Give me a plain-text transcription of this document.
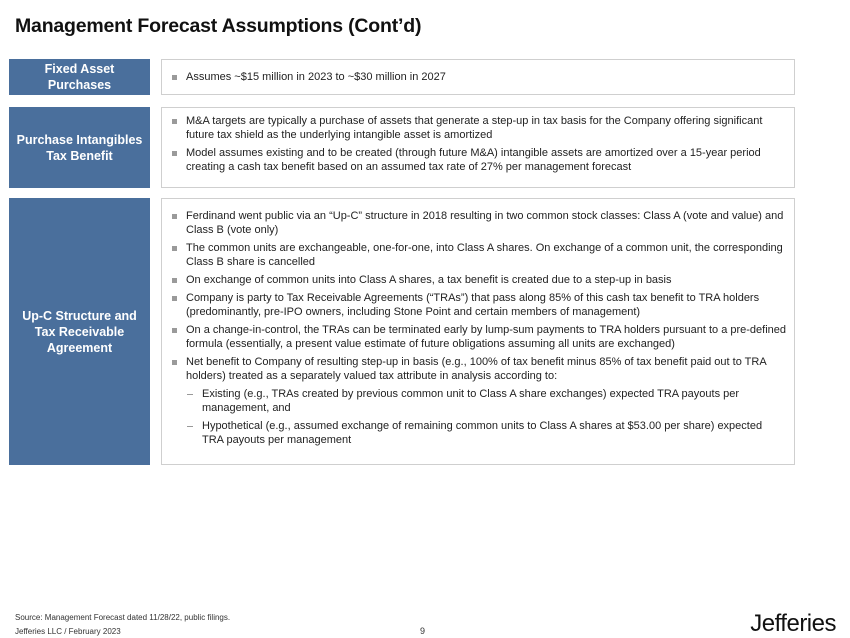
Management Forecast Assumptions (Cont’d)
Fixed Asset Purchases
Assumes ~$15 million in 2023 to ~$30 million in 2027
Purchase Intangibles Tax Benefit
M&A targets are typically a purchase of assets that generate a step-up in tax basis for the Company offering significant future tax shield as the underlying intangible asset is amortized
Model assumes existing and to be created (through future M&A) intangible assets are amortized over a 15-year period creating a cash tax benefit based on an assumed tax rate of 27% per management forecast
Up-C Structure and Tax Receivable Agreement
Ferdinand went public via an “Up-C” structure in 2018 resulting in two common stock classes: Class A (vote and value) and Class B (vote only)
The common units are exchangeable, one-for-one, into Class A shares. On exchange of a common unit, the corresponding Class B share is cancelled
On exchange of common units into Class A shares, a tax benefit is created due to a step-up in basis
Company is party to Tax Receivable Agreements (“TRAs”) that pass along 85% of this cash tax benefit to TRA holders (predominantly, pre-IPO owners, including Stone Point and certain members of management)
On a change-in-control, the TRAs can be terminated early by lump-sum payments to TRA holders pursuant to a pre-defined formula (essentially, a present value estimate of future obligations assuming all units are exchanged)
Net benefit to Company of resulting step-up in basis (e.g., 100% of tax benefit minus 85% of tax benefit paid out to TRA holders) treated as a separately valued tax attribute in analysis according to:
Existing (e.g., TRAs created by previous common unit to Class A share exchanges) expected TRA payouts per management, and
Hypothetical (e.g., assumed exchange of remaining common units to Class A shares at $53.00 per share) expected TRA payouts per management
Source: Management Forecast dated 11/28/22, public filings.
Jefferies LLC / February 2023	9	Jefferies
